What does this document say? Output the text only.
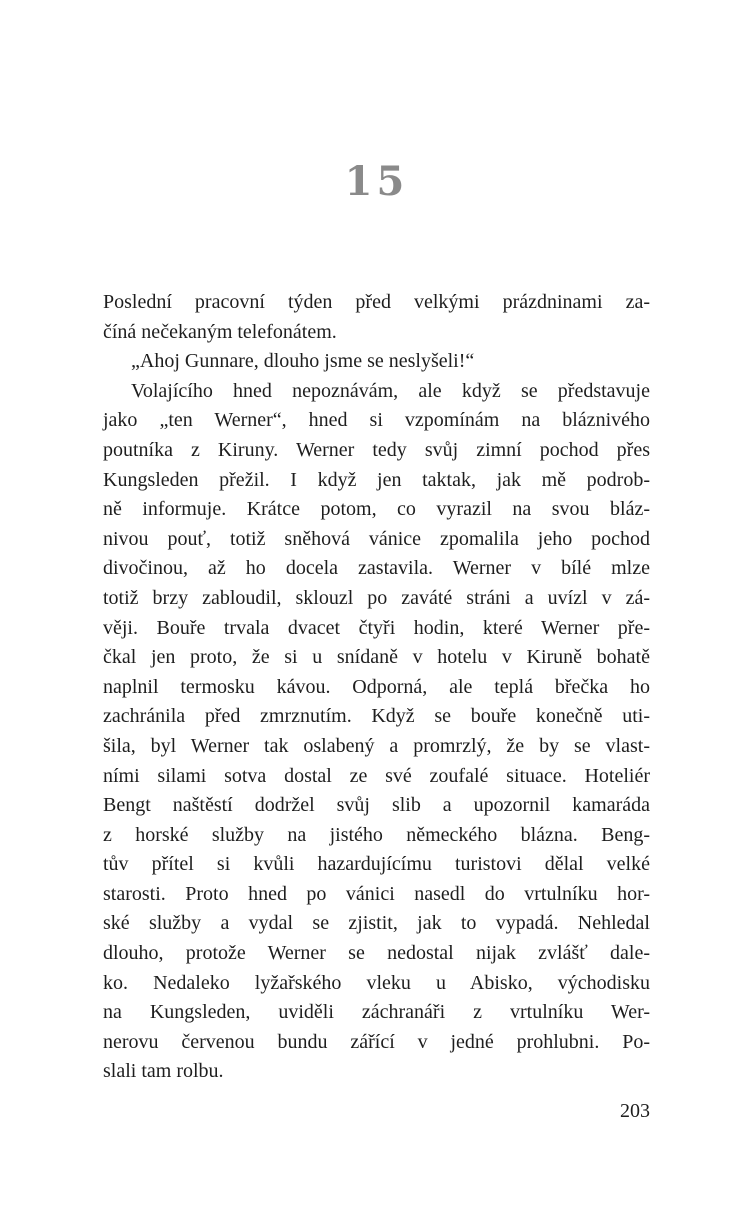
15
Poslední pracovní týden před velkými prázdninami za-
číná nečekaným telefonátem.
„Ahoj Gunnare, dlouho jsme se neslyšeli!“
Volajícího hned nepoznávám, ale když se představuje
jako „ten Werner“, hned si vzpomínám na bláznivého
poutníka z Kiruny. Werner tedy svůj zimní pochod přes
Kungsleden přežil. I když jen taktak, jak mě podrob-
ně informuje. Krátce potom, co vyrazil na svou bláz-
nivou pouť, totiž sněhová vánice zpomalila jeho pochod
divočinou, až ho docela zastavila. Werner v bílé mlze
totiž brzy zabloudil, sklouzl po zaváté stráni a uvízl v zá-
věji. Bouře trvala dvacet čtyři hodin, které Werner pře-
čkal jen proto, že si u snídaně v hotelu v Kiruně bohatě
naplnil termosku kávou. Odporná, ale teplá břečka ho
zachránila před zmrznutím. Když se bouře konečně uti-
šila, byl Werner tak oslabený a promrzlý, že by se vlast-
ními silami sotva dostal ze své zoufalé situace. Hoteliér
Bengt naštěstí dodržel svůj slib a upozornil kamaráda
z horské služby na jistého německého blázna. Beng-
tův přítel si kvůli hazardujícímu turistovi dělal velké
starosti. Proto hned po vánici nasedl do vrtulníku hor-
ské služby a vydal se zjistit, jak to vypadá. Nehledal
dlouho, protože Werner se nedostal nijak zvlášť dale-
ko. Nedaleko lyžařského vleku u Abisko, východisku
na Kungsleden, uviděli záchranáři z vrtulníku Wer-
nerovu červenou bundu zářící v jedné prohlubni. Po-
slali tam rolbu.
203
